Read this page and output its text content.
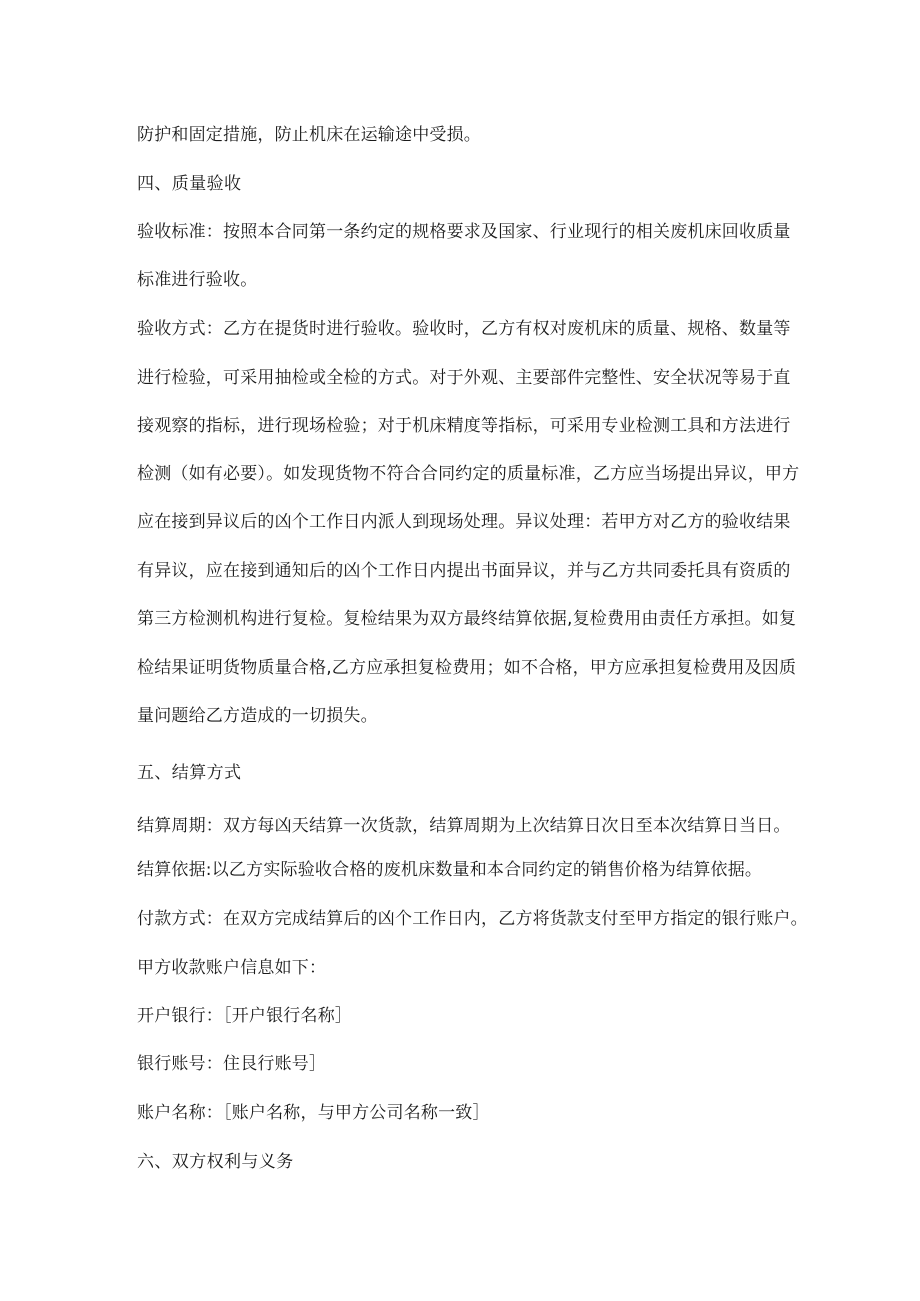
防护和固定措施，防止机床在运输途中受损。
四、质量验收
验收标准：按照本合同第一条约定的规格要求及国家、行业现行的相关废机床回收质量
标准进行验收。
验收方式：乙方在提货时进行验收。验收时，乙方有权对废机床的质量、规格、数量等
进行检验，可采用抽检或全检的方式。对于外观、主要部件完整性、安全状况等易于直
接观察的指标，进行现场检验；对于机床精度等指标，可采用专业检测工具和方法进行
检测（如有必要）。如发现货物不符合合同约定的质量标准，乙方应当场提出异议，甲方
应在接到异议后的凶个工作日内派人到现场处理。异议处理：若甲方对乙方的验收结果
有异议，应在接到通知后的凶个工作日内提出书面异议，并与乙方共同委托具有资质的
第三方检测机构进行复检。复检结果为双方最终结算依据,复检费用由责任方承担。如复
检结果证明货物质量合格,乙方应承担复检费用；如不合格，甲方应承担复检费用及因质
量问题给乙方造成的一切损失。
五、结算方式
结算周期：双方每凶天结算一次货款，结算周期为上次结算日次日至本次结算日当日。
结算依据:以乙方实际验收合格的废机床数量和本合同约定的销售价格为结算依据。
付款方式：在双方完成结算后的凶个工作日内，乙方将货款支付至甲方指定的银行账户。
甲方收款账户信息如下：
开户银行：［开户银行名称］
银行账号：住艮行账号］
账户名称：［账户名称，与甲方公司名称一致］
六、双方权利与义务
